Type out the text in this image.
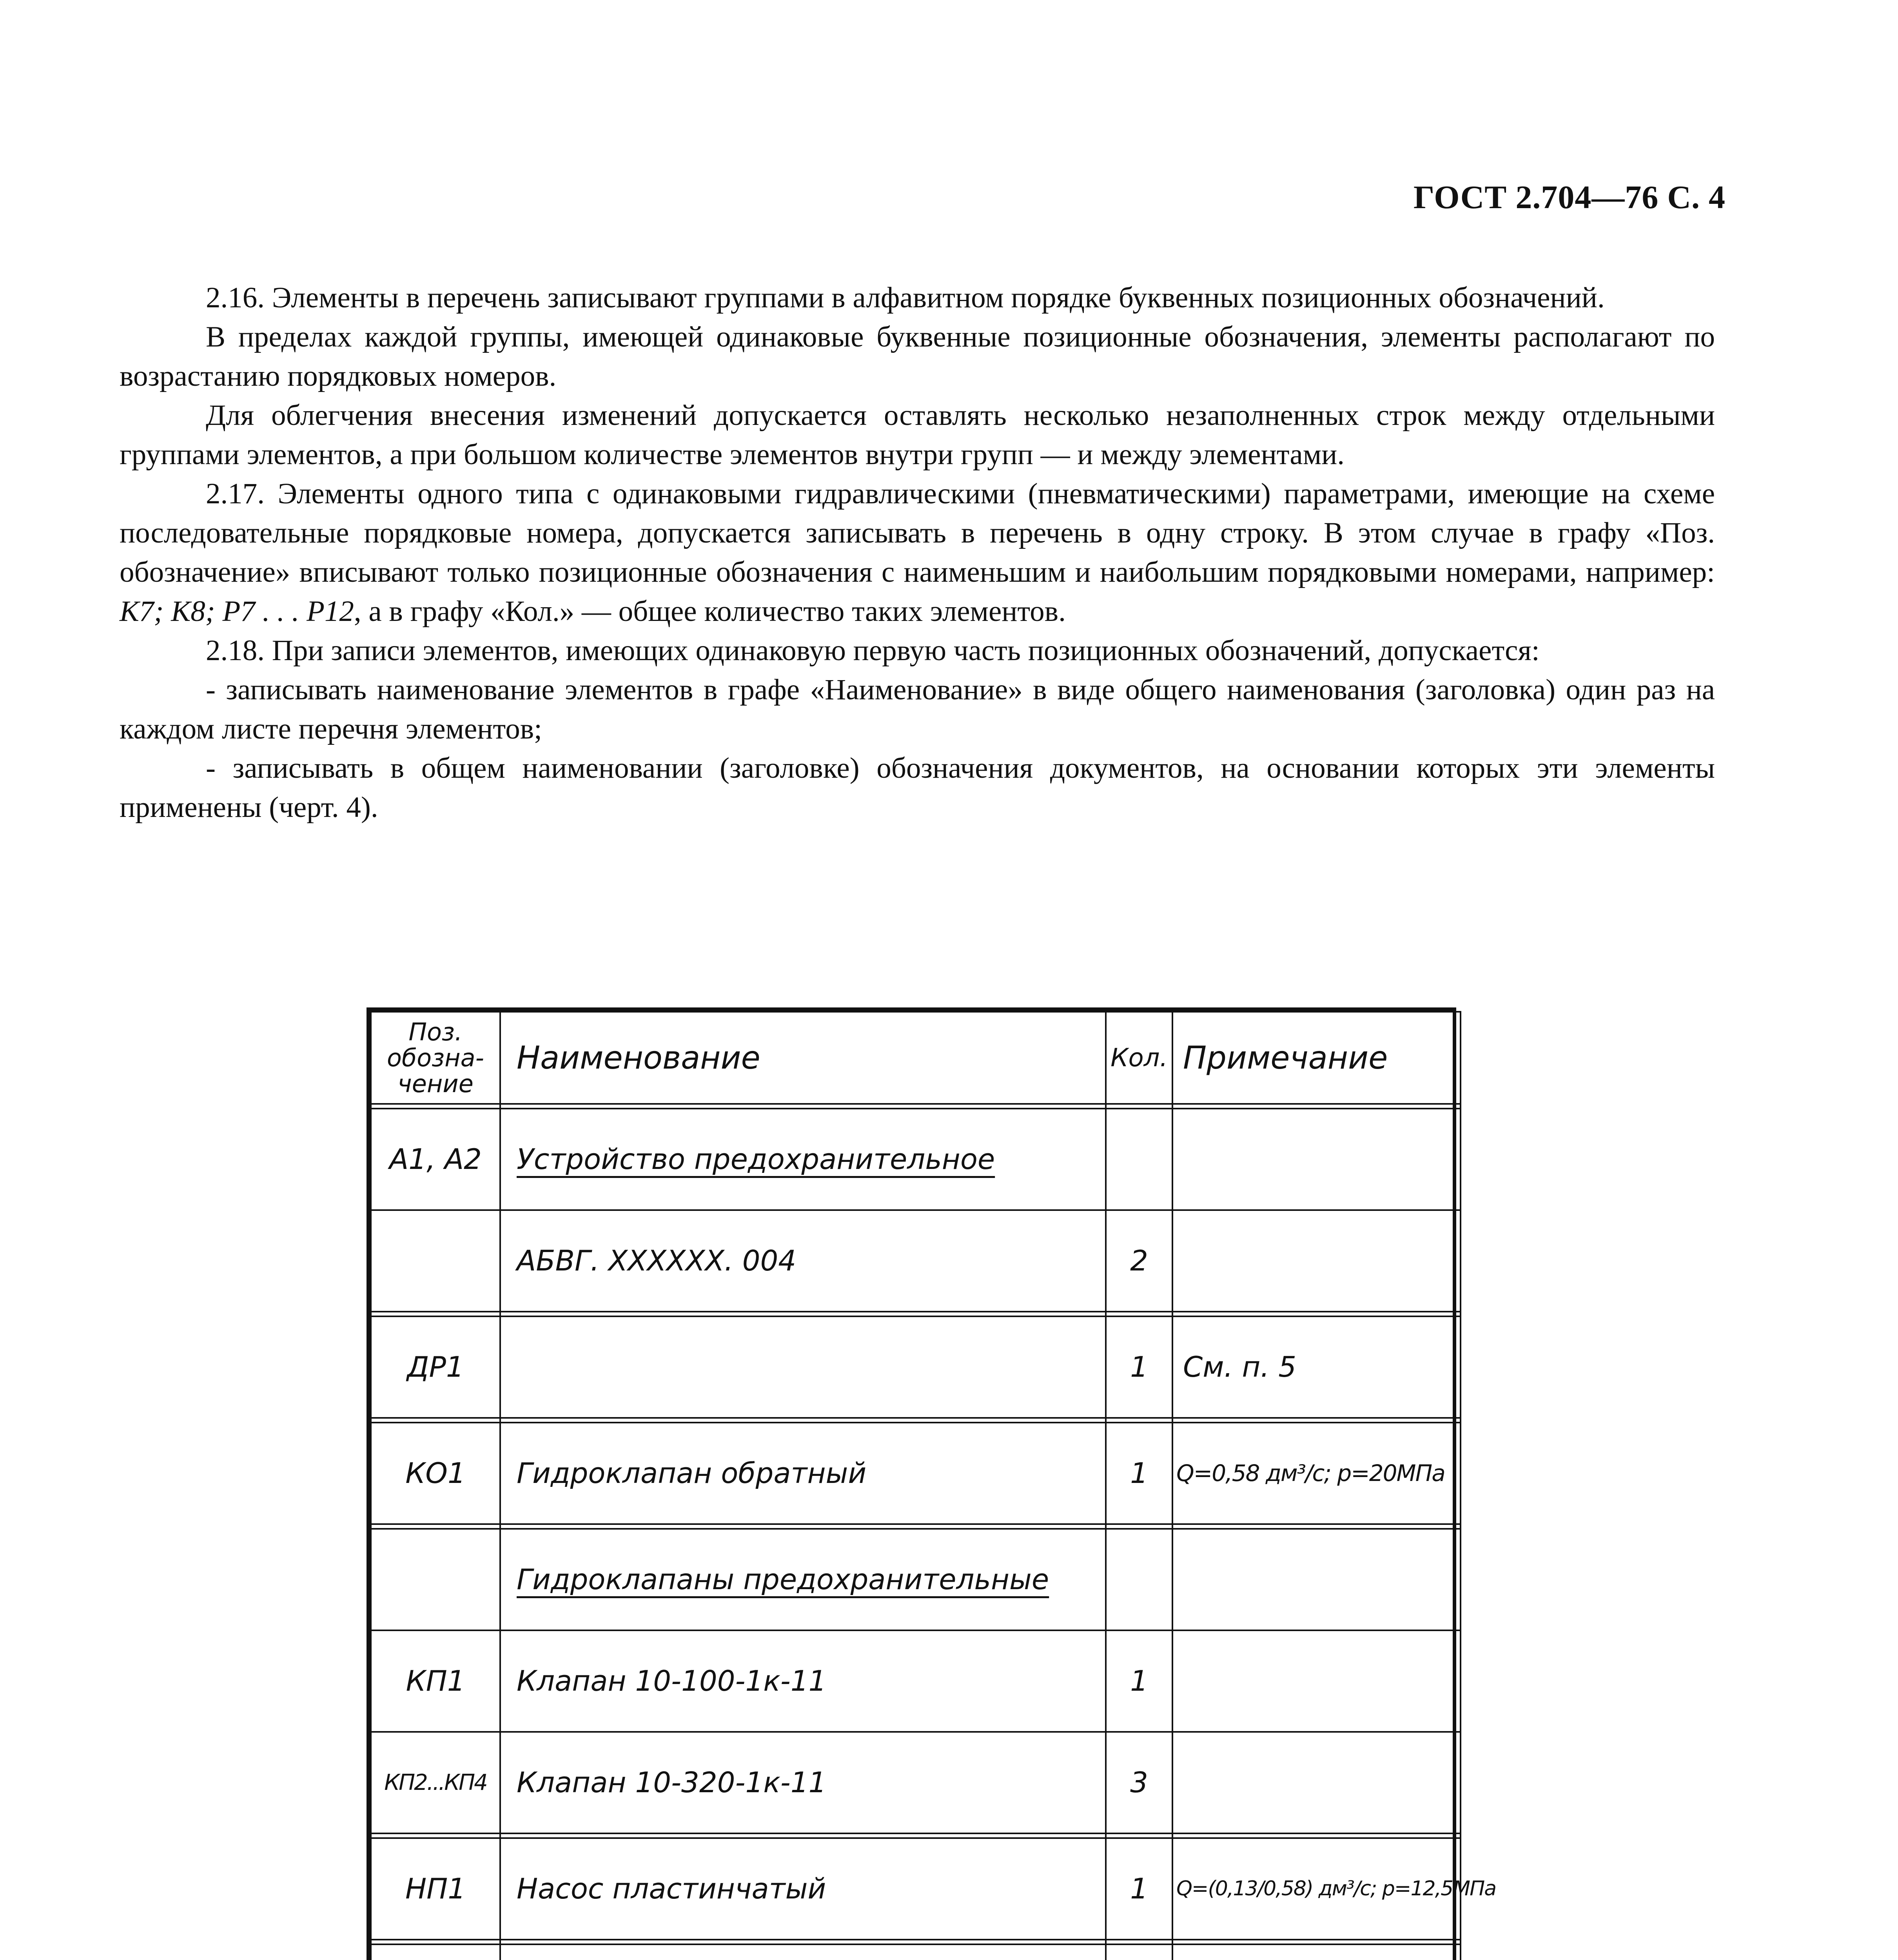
ГОСТ 2.704—76 С. 4

2.16. Элементы в перечень записывают группами в алфавитном порядке буквенных позиционных обозначений.

В пределах каждой группы, имеющей одинаковые буквенные позиционные обозначения, элементы располагают по возрастанию порядковых номеров.

Для облегчения внесения изменений допускается оставлять несколько незаполненных строк между отдельными группами элементов, а при большом количестве элементов внутри групп — и между элементами.

2.17. Элементы одного типа с одинаковыми гидравлическими (пневматическими) параметрами, имеющие на схеме последовательные порядковые номера, допускается записывать в перечень в одну строку. В этом случае в графу «Поз. обозначение» вписывают только позиционные обозначения с наименьшим и наибольшим порядковыми номерами, например: K7; K8; P7 . . . P12, а в графу «Кол.» — общее количество таких элементов.

2.18. При записи элементов, имеющих одинаковую первую часть позиционных обозначений, допускается:

- записывать наименование элементов в графе «Наименование» в виде общего наименования (заголовка) один раз на каждом листе перечня элементов;

- записывать в общем наименовании (заголовке) обозначения документов, на основании которых эти элементы применены (черт. 4).

Поз.
обозна-
чение	Наименование	Кол.	Примечание

A1, A2	Устройство предохранительное		
	АБВГ. XXXXXX. 004	2	

ДР1		1	См. п. 5

КО1	Гидроклапан обратный	1	Q=0,58 дм³/с; р=20МПа

	Гидроклапаны предохранительные		
КП1	Клапан 10-100-1к-11	1	
КП2...КП4	Клапан 10-320-1к-11	3	

НП1	Насос пластинчатый	1	Q=(0,13/0,58) дм³/с; р=12,5МПа
